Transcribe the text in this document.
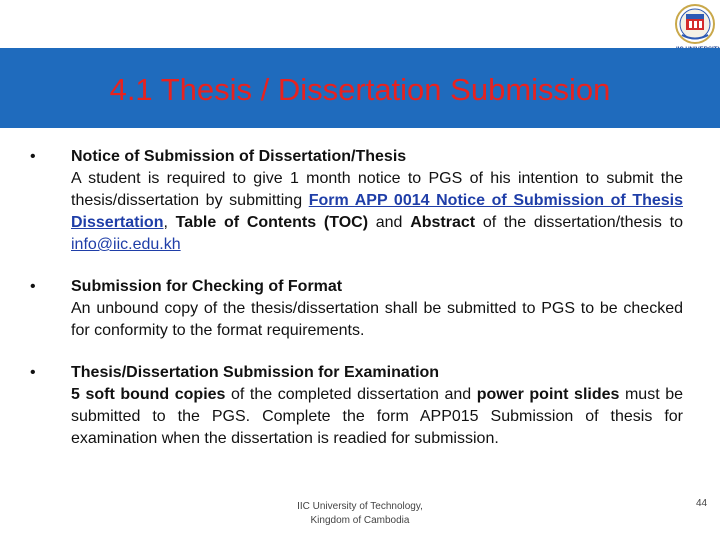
4.1 Thesis / Dissertation Submission
• Notice of Submission of Dissertation/Thesis

A student is required to give 1 month notice to PGS of his intention to submit the thesis/dissertation by submitting Form APP 0014 Notice of Submission of Thesis Dissertation, Table of Contents (TOC) and Abstract of the dissertation/thesis to info@iic.edu.kh

• Submission for Checking of Format

An unbound copy of the thesis/dissertation shall be submitted to PGS to be checked for conformity to the format requirements.

• Thesis/Dissertation Submission for Examination

5 soft bound copies of the completed dissertation and power point slides must be submitted to the PGS. Complete the form APP015 Submission of thesis for examination when the dissertation is readied for submission.

IIC University of Technology,
Kingdom of Cambodia
44
